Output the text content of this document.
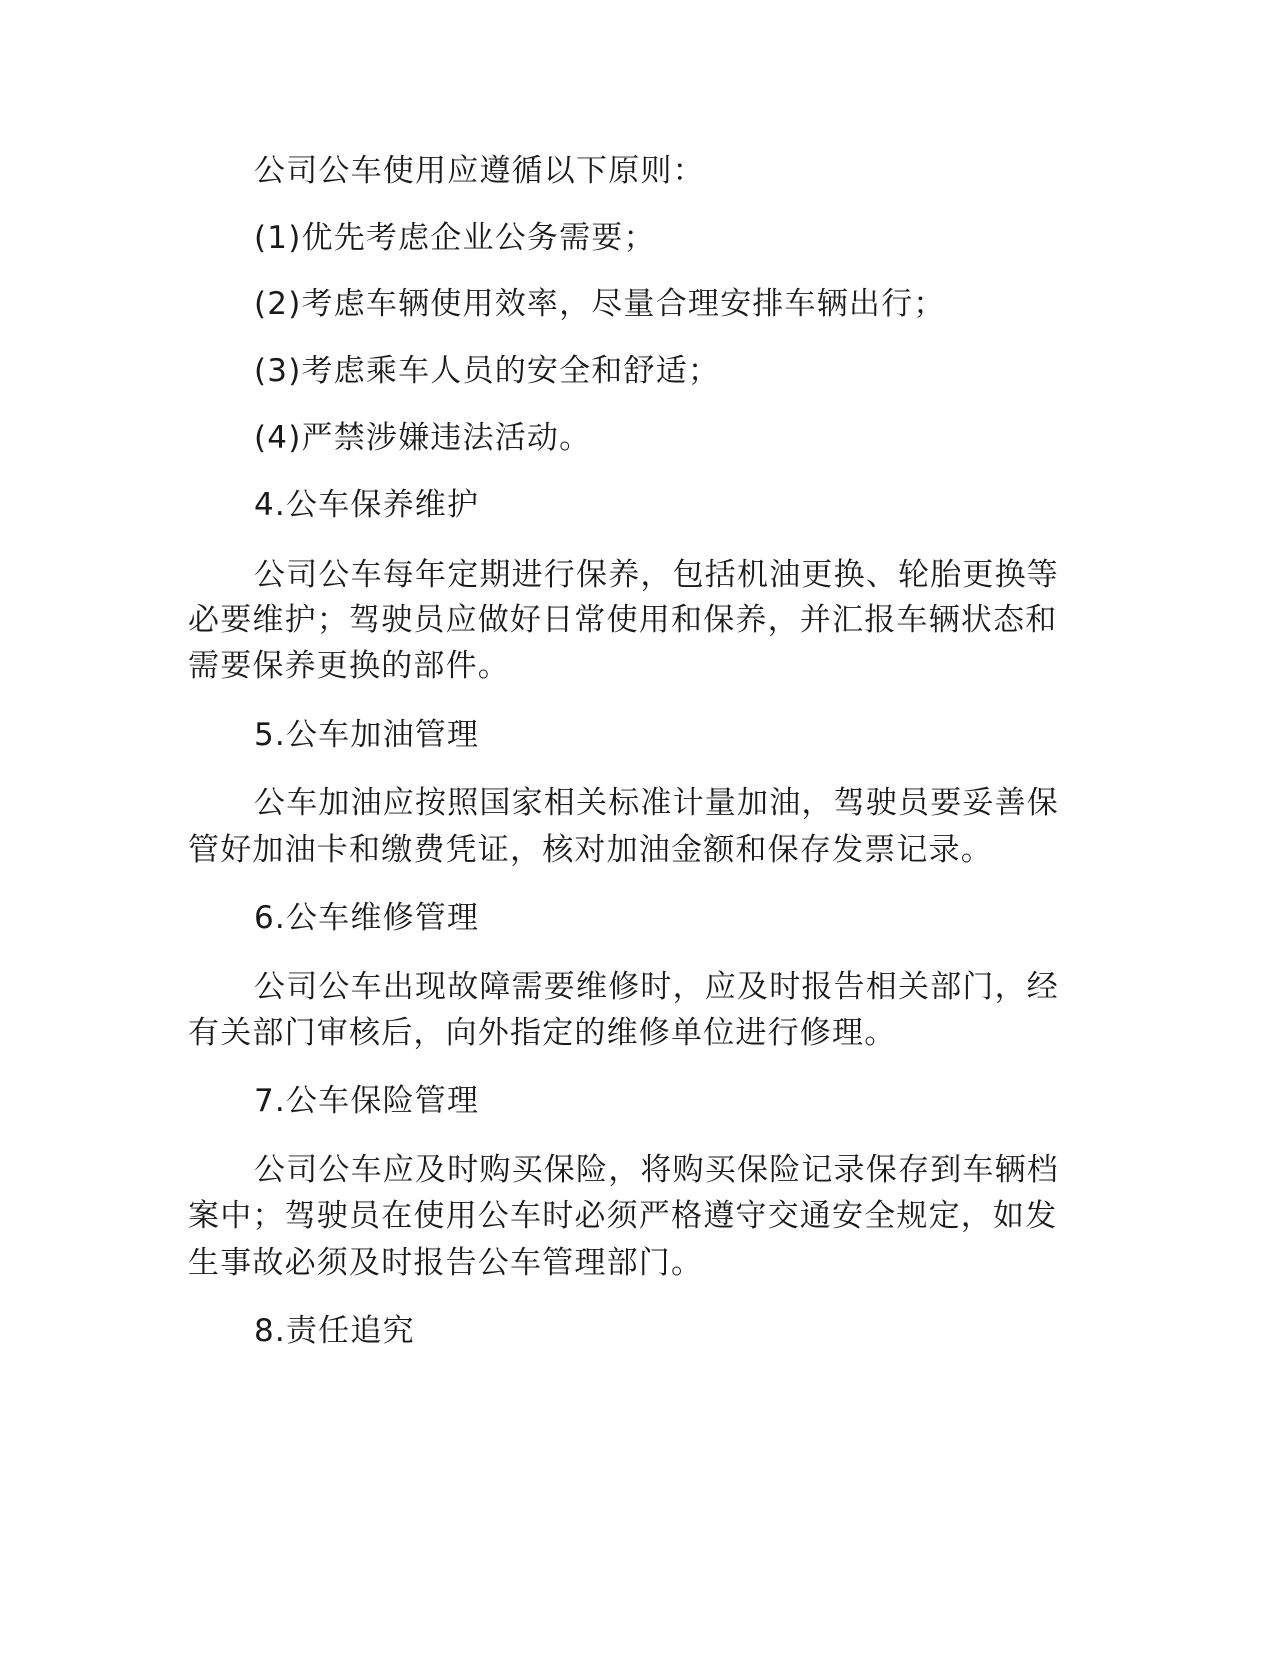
公司公车使用应遵循以下原则：
(1)优先考虑企业公务需要；
(2)考虑车辆使用效率，尽量合理安排车辆出行；
(3)考虑乘车人员的安全和舒适；
(4)严禁涉嫌违法活动。
4.公车保养维护
公司公车每年定期进行保养，包括机油更换、轮胎更换等
必要维护；驾驶员应做好日常使用和保养，并汇报车辆状态和
需要保养更换的部件。
5.公车加油管理
公车加油应按照国家相关标准计量加油，驾驶员要妥善保
管好加油卡和缴费凭证，核对加油金额和保存发票记录。
6.公车维修管理
公司公车出现故障需要维修时，应及时报告相关部门，经
有关部门审核后，向外指定的维修单位进行修理。
7.公车保险管理
公司公车应及时购买保险，将购买保险记录保存到车辆档
案中；驾驶员在使用公车时必须严格遵守交通安全规定，如发
生事故必须及时报告公车管理部门。
8.责任追究
